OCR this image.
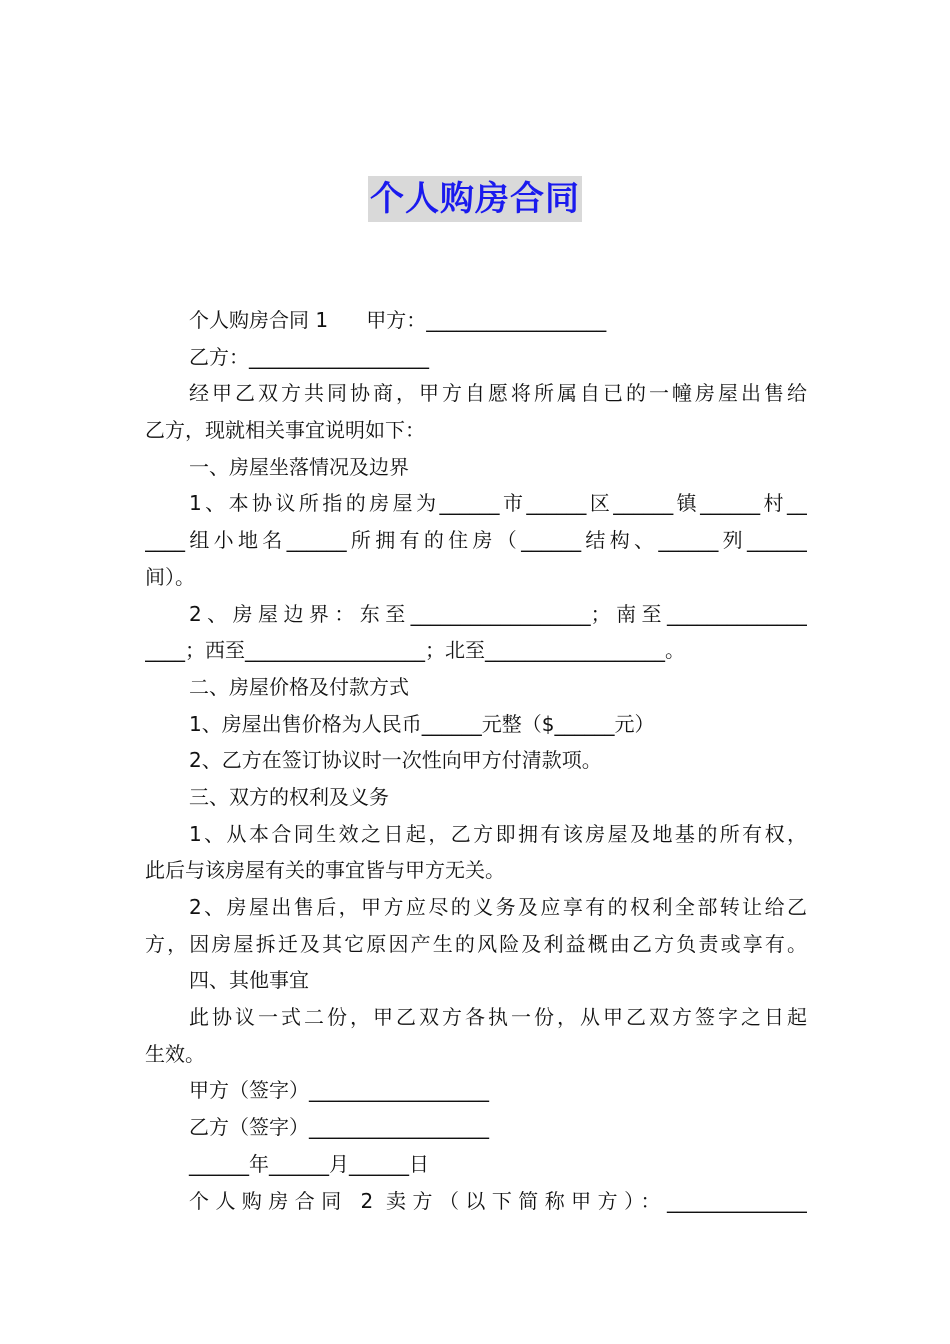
个人购房合同
个人购房合同 1      甲方：__________________
乙方：__________________
经甲乙双方共同协商，甲方自愿将所属自已的一幢房屋出售给
乙方，现就相关事宜说明如下：
一、房屋坐落情况及边界
1、本协议所指的房屋为______市______区______镇______村__
____组小地名______所拥有的住房（______结构、______列______
间）。
2、房屋边界：东至__________________；南至______________
____；西至__________________；北至__________________。
二、房屋价格及付款方式
1、房屋出售价格为人民币______元整（$______元）
2、乙方在签订协议时一次性向甲方付清款项。
三、双方的权利及义务
1、从本合同生效之日起，乙方即拥有该房屋及地基的所有权，
此后与该房屋有关的事宜皆与甲方无关。
2、房屋出售后，甲方应尽的义务及应享有的权利全部转让给乙
方，因房屋拆迁及其它原因产生的风险及利益概由乙方负责或享有。
四、其他事宜
此协议一式二份，甲乙双方各执一份，从甲乙双方签字之日起
生效。
甲方（签字）__________________
乙方（签字）__________________
______年______月______日
个人购房合同 2 卖方（以下简称甲方）：______________
